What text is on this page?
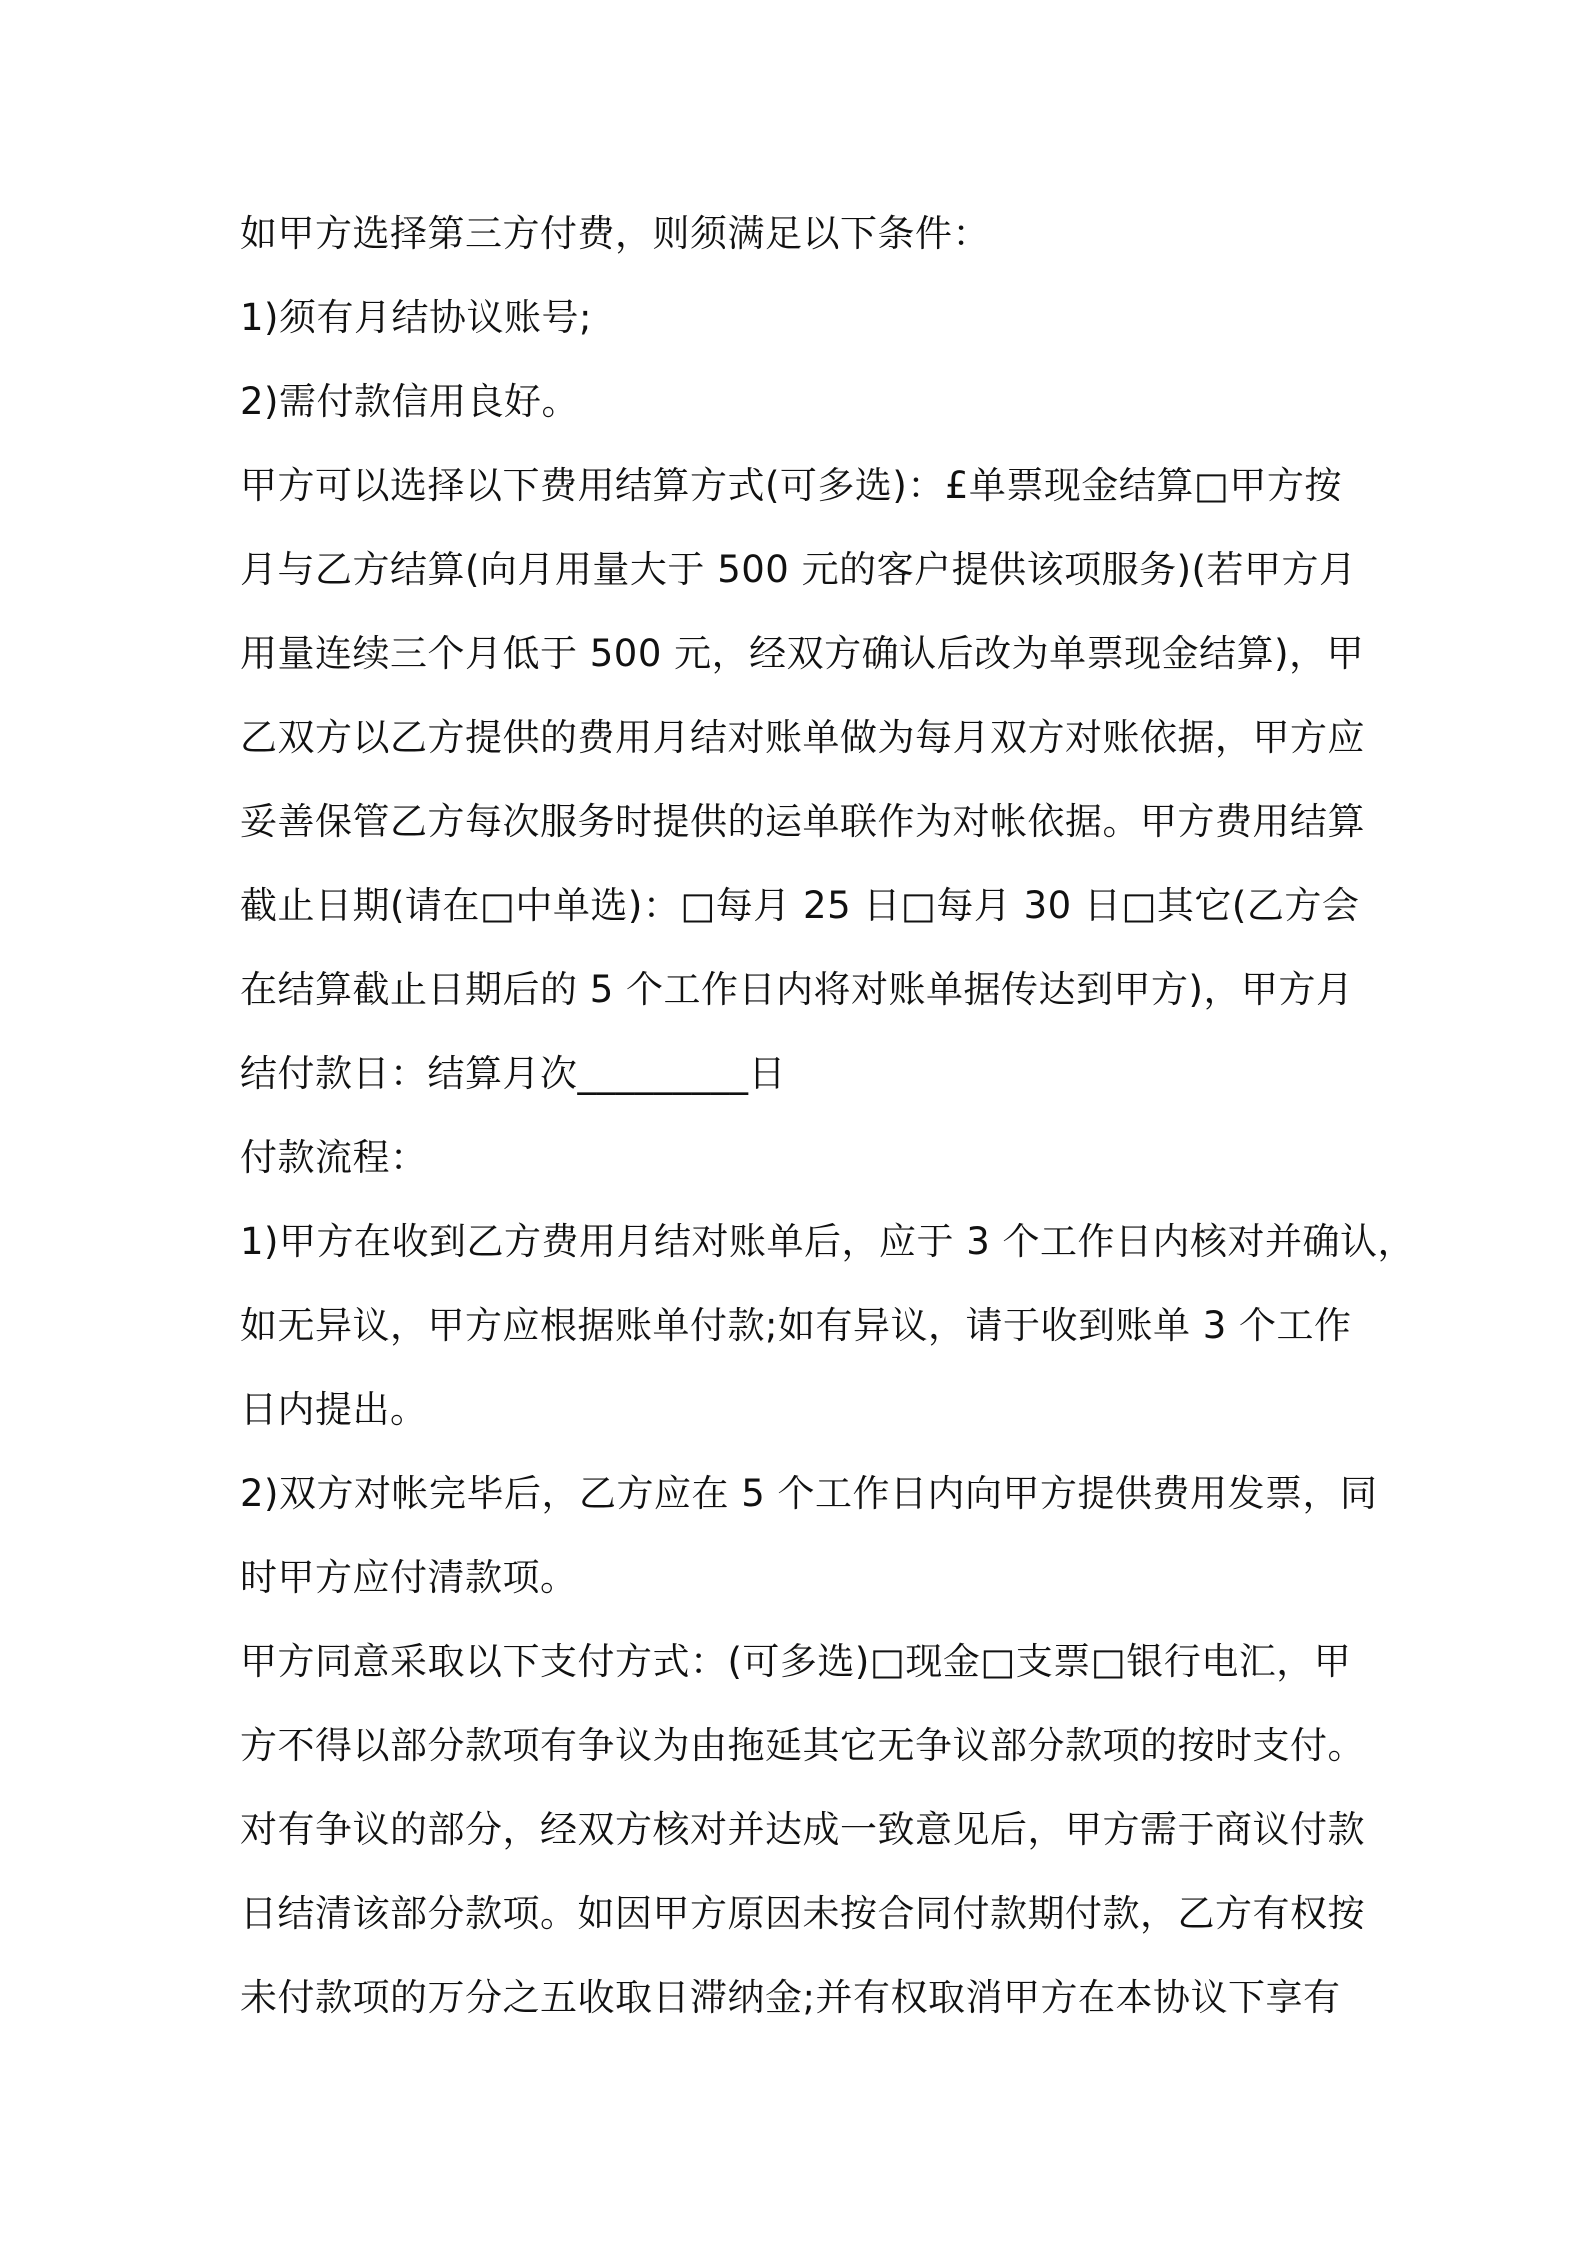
如甲方选择第三方付费，则须满足以下条件：
1)须有月结协议账号;
2)需付款信用良好。
甲方可以选择以下费用结算方式(可多选)：£单票现金结算□甲方按
月与乙方结算(向月用量大于 500 元的客户提供该项服务)(若甲方月
用量连续三个月低于 500 元，经双方确认后改为单票现金结算)，甲
乙双方以乙方提供的费用月结对账单做为每月双方对账依据，甲方应
妥善保管乙方每次服务时提供的运单联作为对帐依据。甲方费用结算
截止日期(请在□中单选)：□每月 25 日□每月 30 日□其它(乙方会
在结算截止日期后的 5 个工作日内将对账单据传达到甲方)，甲方月
结付款日：结算月次_________日
付款流程：
1)甲方在收到乙方费用月结对账单后，应于 3 个工作日内核对并确认，
如无异议，甲方应根据账单付款;如有异议，请于收到账单 3 个工作
日内提出。
2)双方对帐完毕后，乙方应在 5 个工作日内向甲方提供费用发票，同
时甲方应付清款项。
甲方同意采取以下支付方式：(可多选)□现金□支票□银行电汇，甲
方不得以部分款项有争议为由拖延其它无争议部分款项的按时支付。
对有争议的部分，经双方核对并达成一致意见后，甲方需于商议付款
日结清该部分款项。如因甲方原因未按合同付款期付款，乙方有权按
未付款项的万分之五收取日滞纳金;并有权取消甲方在本协议下享有
